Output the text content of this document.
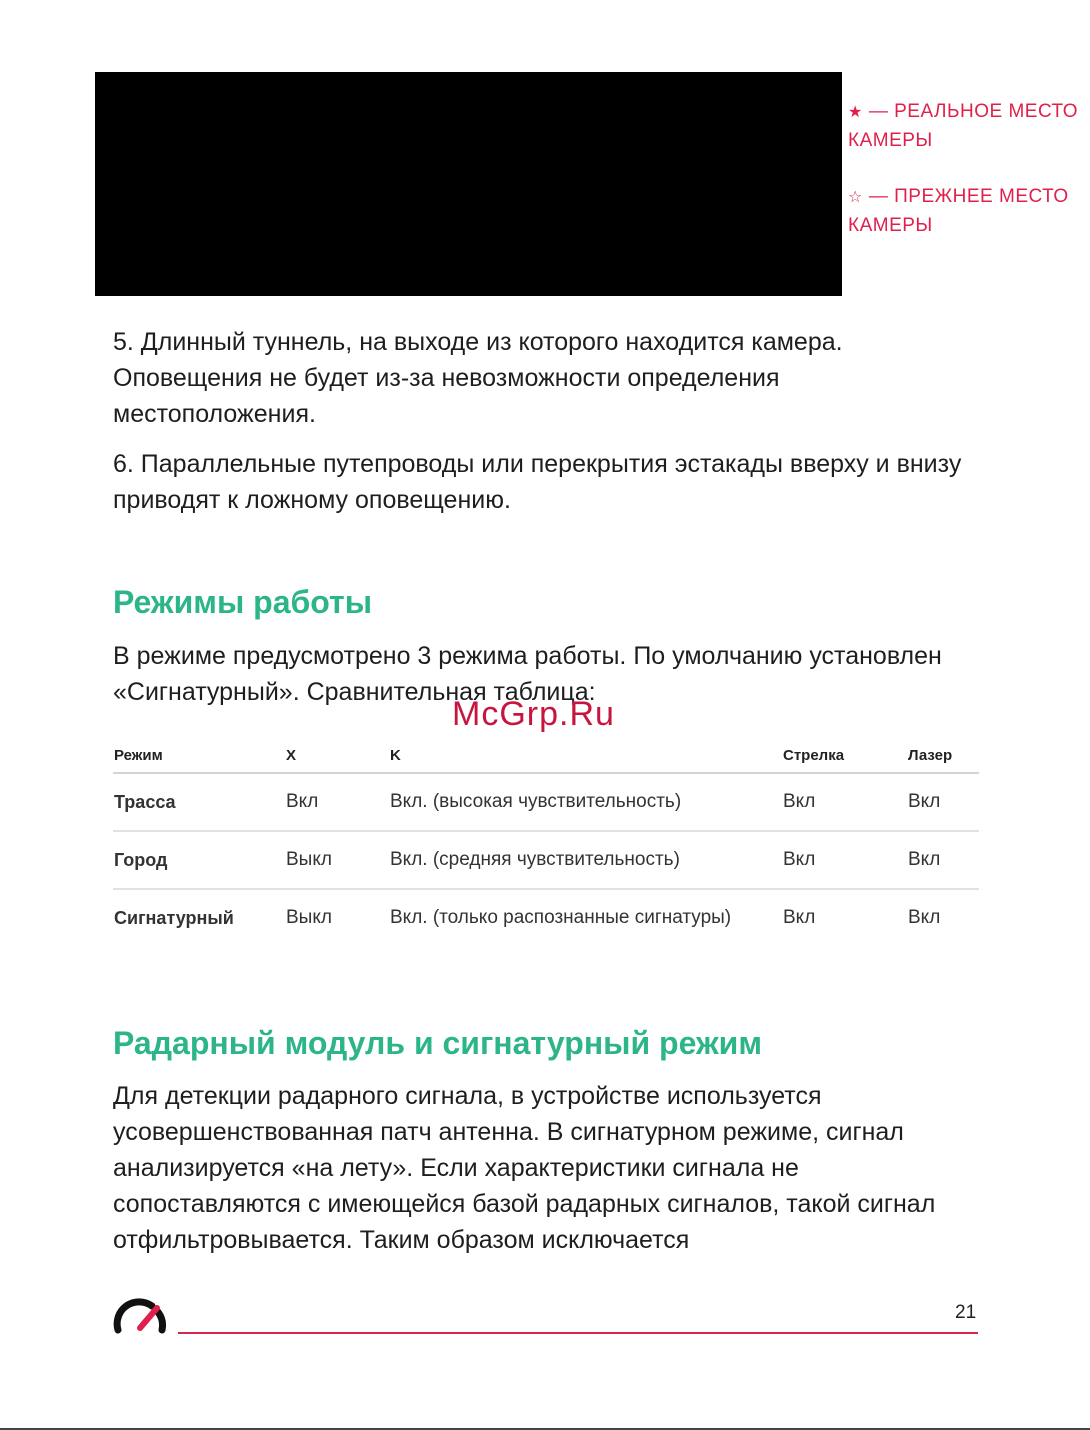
★ — РЕАЛЬНОЕ МЕСТО КАМЕРЫ
☆ — ПРЕЖНЕЕ МЕСТО КАМЕРЫ

5. Длинный туннель, на выходе из которого находится камера. Оповещения не будет из-за невозможности определения местоположения.

6. Параллельные путепроводы или перекрытия эстакады вверху и внизу приводят к ложному оповещению.

Режимы работы

В режиме предусмотрено 3 режима работы. По умолчанию установлен «Сигнатурный». Сравнительная таблица:

McGrp.Ru
Режим	X	K	Стрелка	Лазер
Трасса	Вкл	Вкл. (высокая чувствительность)	Вкл	Вкл
Город	Выкл	Вкл. (средняя чувствительность)	Вкл	Вкл
Сигнатурный	Выкл	Вкл. (только распознанные сигнатуры)	Вкл	Вкл
Радарный модуль и сигнатурный режим

Для детекции радарного сигнала, в устройстве используется усовершенствованная патч антенна. В сигнатурном режиме, сигнал анализируется «на лету». Если характеристики сигнала не сопоставляются с имеющейся базой радарных сигналов, такой сигнал отфильтровывается. Таким образом исключается

21
